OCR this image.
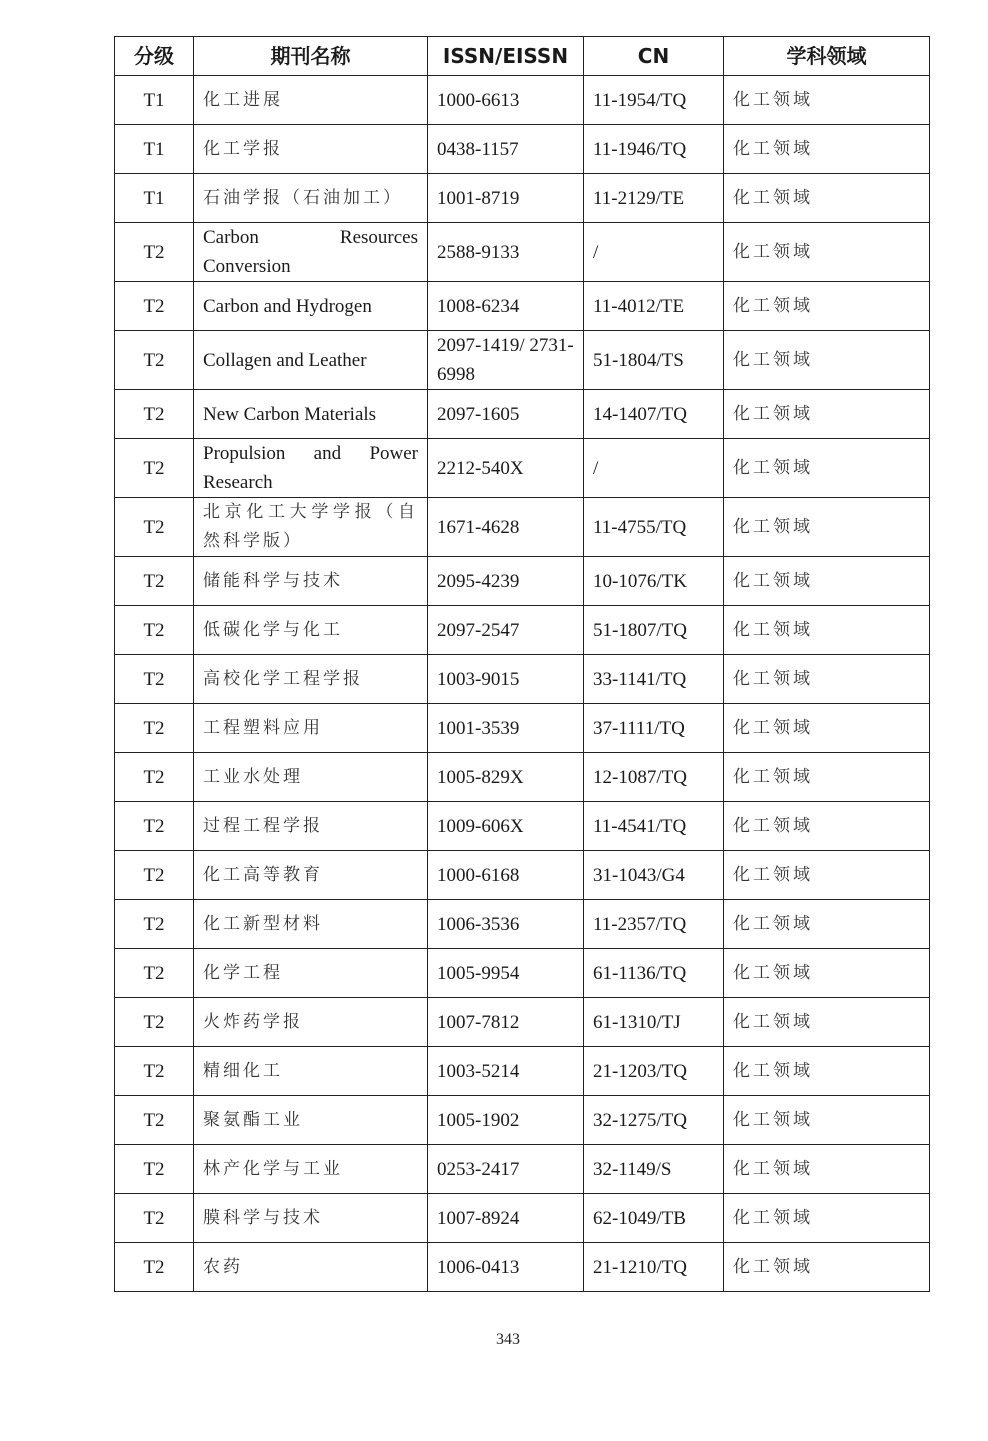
分级	期刊名称	ISSN/EISSN	CN	学科领域
T1	化工进展	1000-6613	11-1954/TQ	化工领域
T1	化工学报	0438-1157	11-1946/TQ	化工领域
T1	石油学报（石油加工）	1001-8719	11-2129/TE	化工领域
T2	Carbon Resources Conversion	2588-9133	/	化工领域
T2	Carbon and Hydrogen	1008-6234	11-4012/TE	化工领域
T2	Collagen and Leather	2097-1419/ 2731-6998	51-1804/TS	化工领域
T2	New Carbon Materials	2097-1605	14-1407/TQ	化工领域
T2	Propulsion and Power Research	2212-540X	/	化工领域
T2	北京化工大学学报（自然科学版）	1671-4628	11-4755/TQ	化工领域
T2	储能科学与技术	2095-4239	10-1076/TK	化工领域
T2	低碳化学与化工	2097-2547	51-1807/TQ	化工领域
T2	高校化学工程学报	1003-9015	33-1141/TQ	化工领域
T2	工程塑料应用	1001-3539	37-1111/TQ	化工领域
T2	工业水处理	1005-829X	12-1087/TQ	化工领域
T2	过程工程学报	1009-606X	11-4541/TQ	化工领域
T2	化工高等教育	1000-6168	31-1043/G4	化工领域
T2	化工新型材料	1006-3536	11-2357/TQ	化工领域
T2	化学工程	1005-9954	61-1136/TQ	化工领域
T2	火炸药学报	1007-7812	61-1310/TJ	化工领域
T2	精细化工	1003-5214	21-1203/TQ	化工领域
T2	聚氨酯工业	1005-1902	32-1275/TQ	化工领域
T2	林产化学与工业	0253-2417	32-1149/S	化工领域
T2	膜科学与技术	1007-8924	62-1049/TB	化工领域
T2	农药	1006-0413	21-1210/TQ	化工领域
343
